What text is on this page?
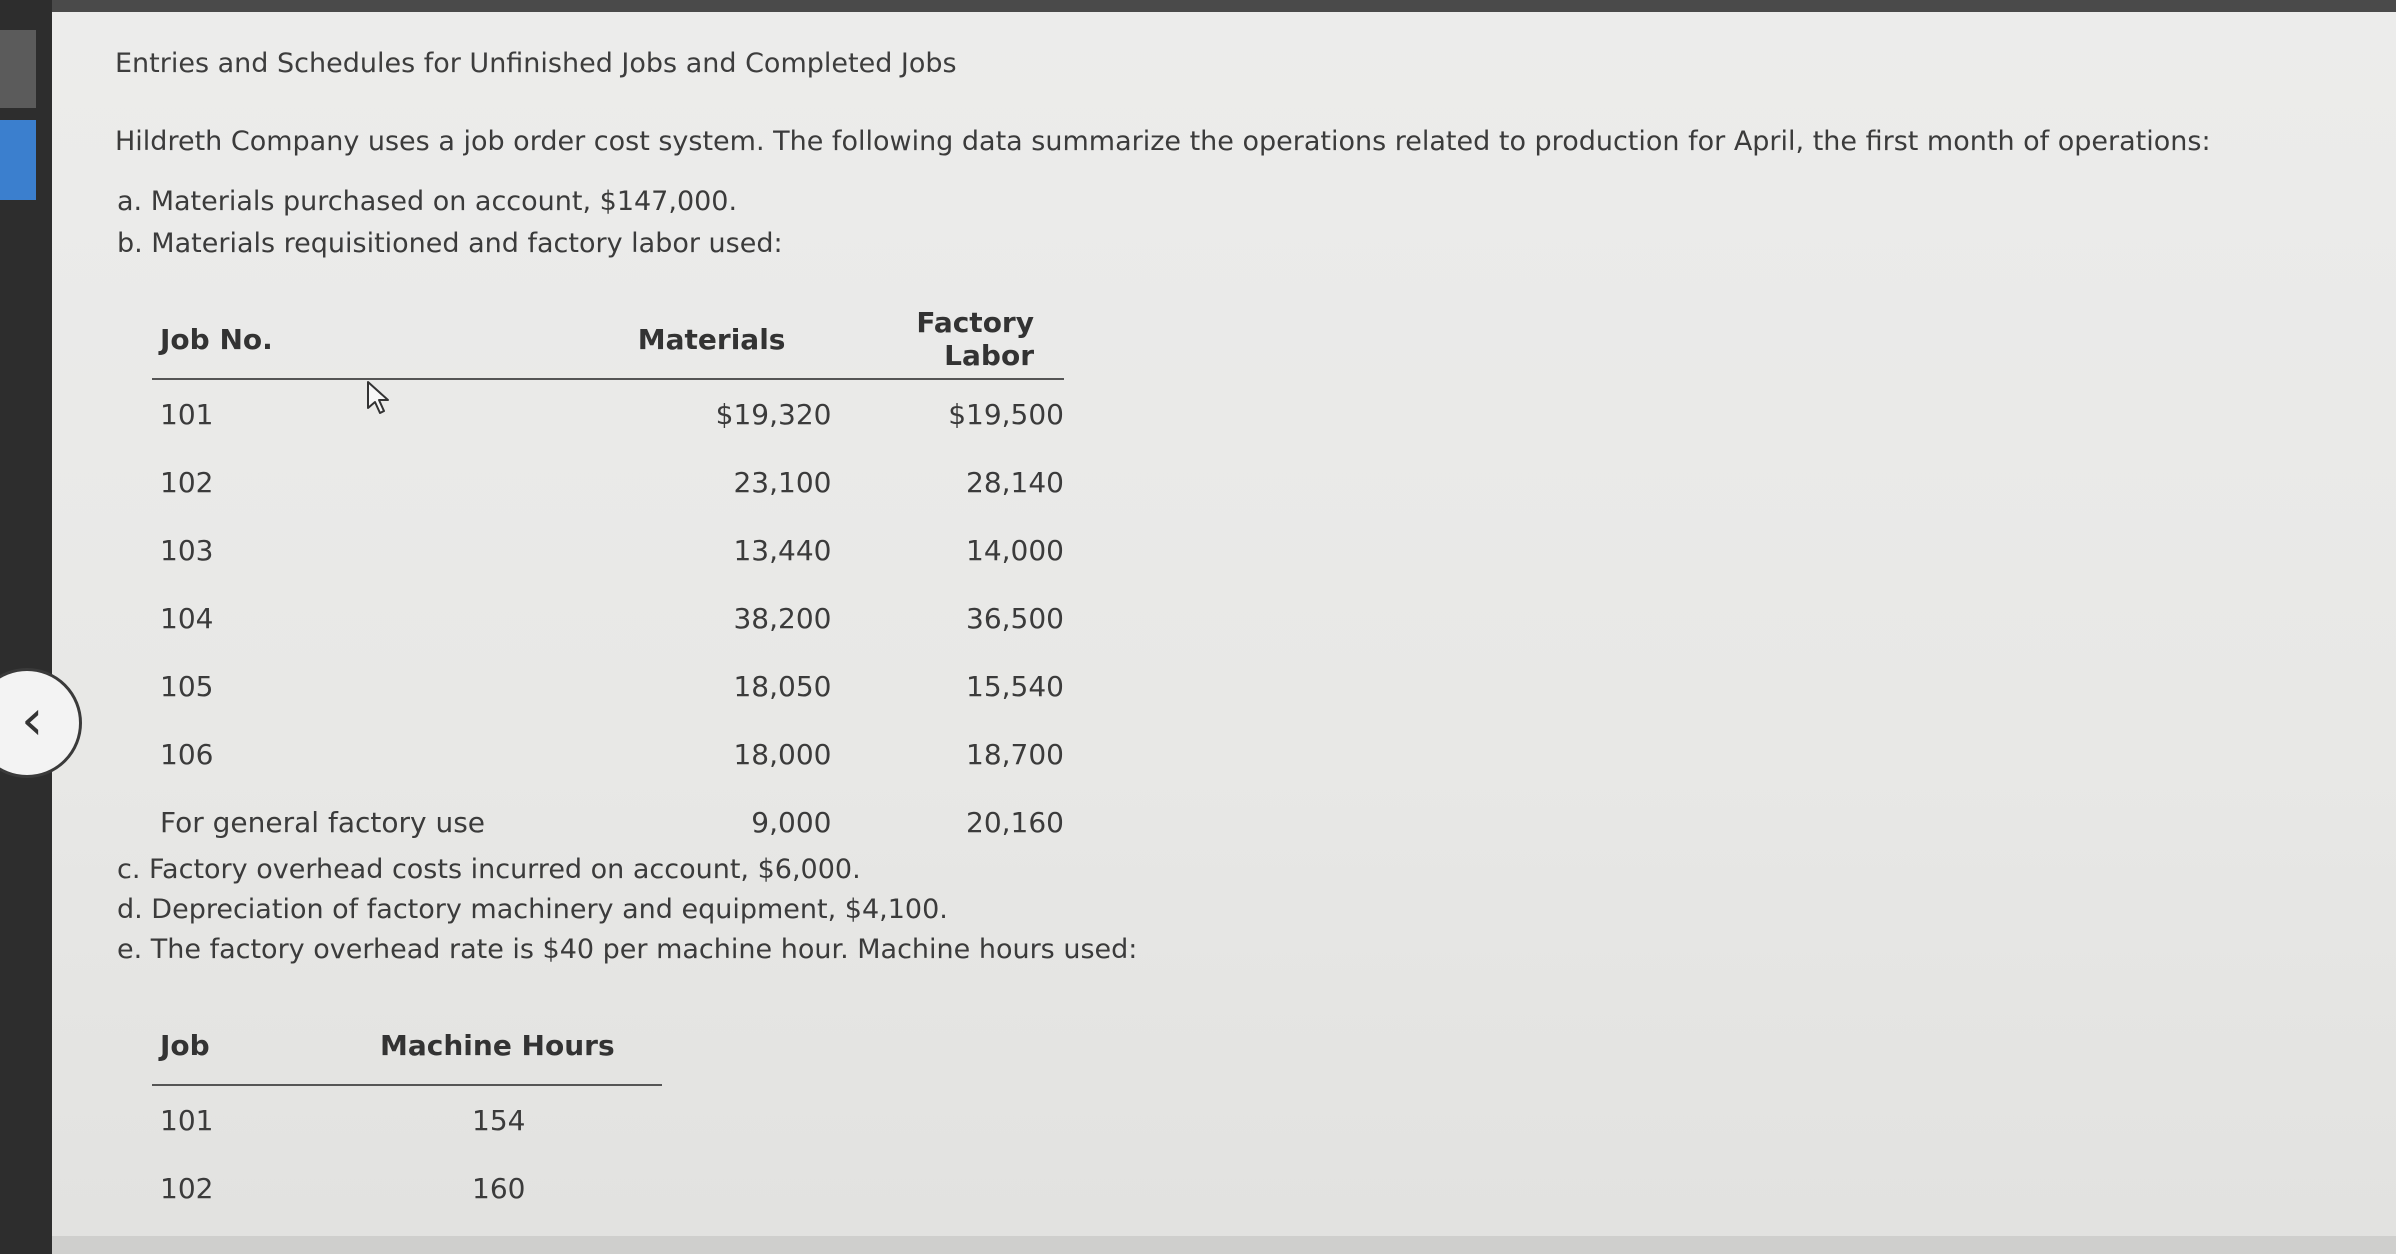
Entries and Schedules for Unfinished Jobs and Completed Jobs
Hildreth Company uses a job order cost system. The following data summarize the operations related to production for April, the first month of operations:
a. Materials purchased on account, $147,000.
b. Materials requisitioned and factory labor used:
Job No.	Materials	Factory Labor
101	$19,320	$19,500
102	23,100	28,140
103	13,440	14,000
104	38,200	36,500
105	18,050	15,540
106	18,000	18,700
For general factory use	9,000	20,160
c. Factory overhead costs incurred on account, $6,000.
d. Depreciation of factory machinery and equipment, $4,100.
e. The factory overhead rate is $40 per machine hour. Machine hours used:
Job	Machine Hours
101	154
102	160
‹
